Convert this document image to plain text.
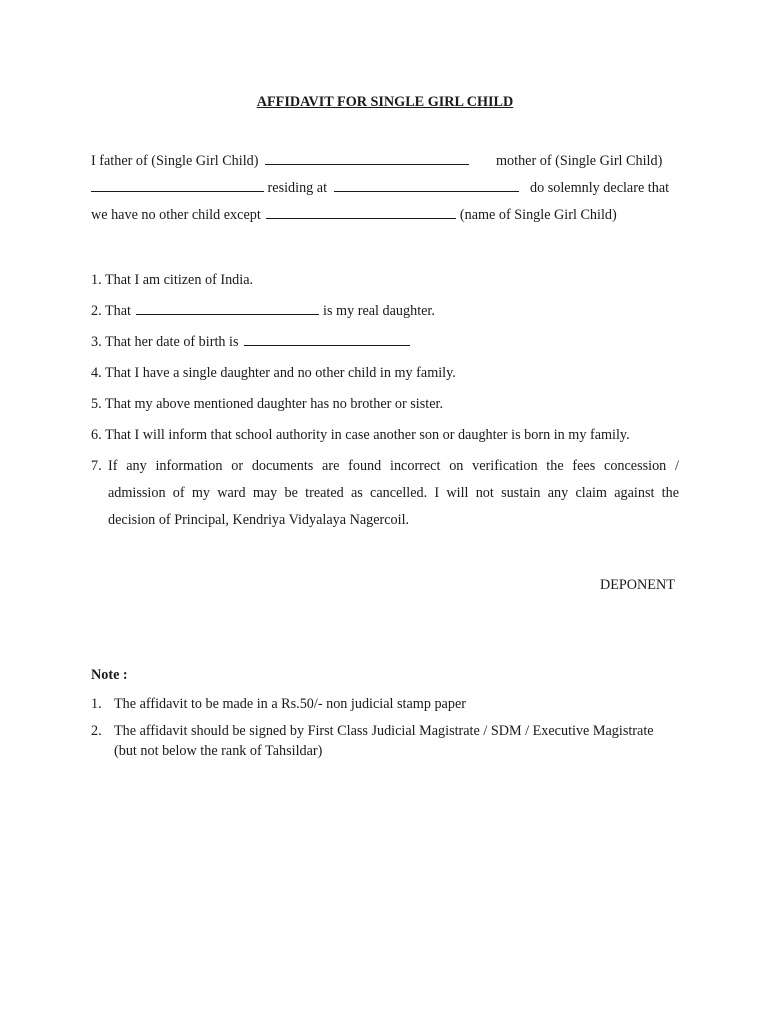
AFFIDAVIT FOR SINGLE GIRL CHILD
I father of (Single Girl Child)	mother of (Single Girl Child)
residing at	do solemnly declare that
we have no other child except	(name of Single Girl Child)
1. That I am citizen of India.
2. That	is my real daughter.
3. That her date of birth is
4. That I have a single daughter and no other child in my family.
5. That my above mentioned daughter has no brother or sister.
6. That I will inform that school authority in case another son or daughter is born in my family.
7. If any information or documents are found incorrect on verification the fees concession /
admission of my ward may be treated as cancelled. I will not sustain any claim against the
decision of Principal, Kendriya Vidyalaya Nagercoil.
DEPONENT
Note :
1. The affidavit to be made in a Rs.50/- non judicial stamp paper
2. The affidavit should be signed by First Class Judicial Magistrate / SDM / Executive Magistrate
(but not below the rank of Tahsildar)
